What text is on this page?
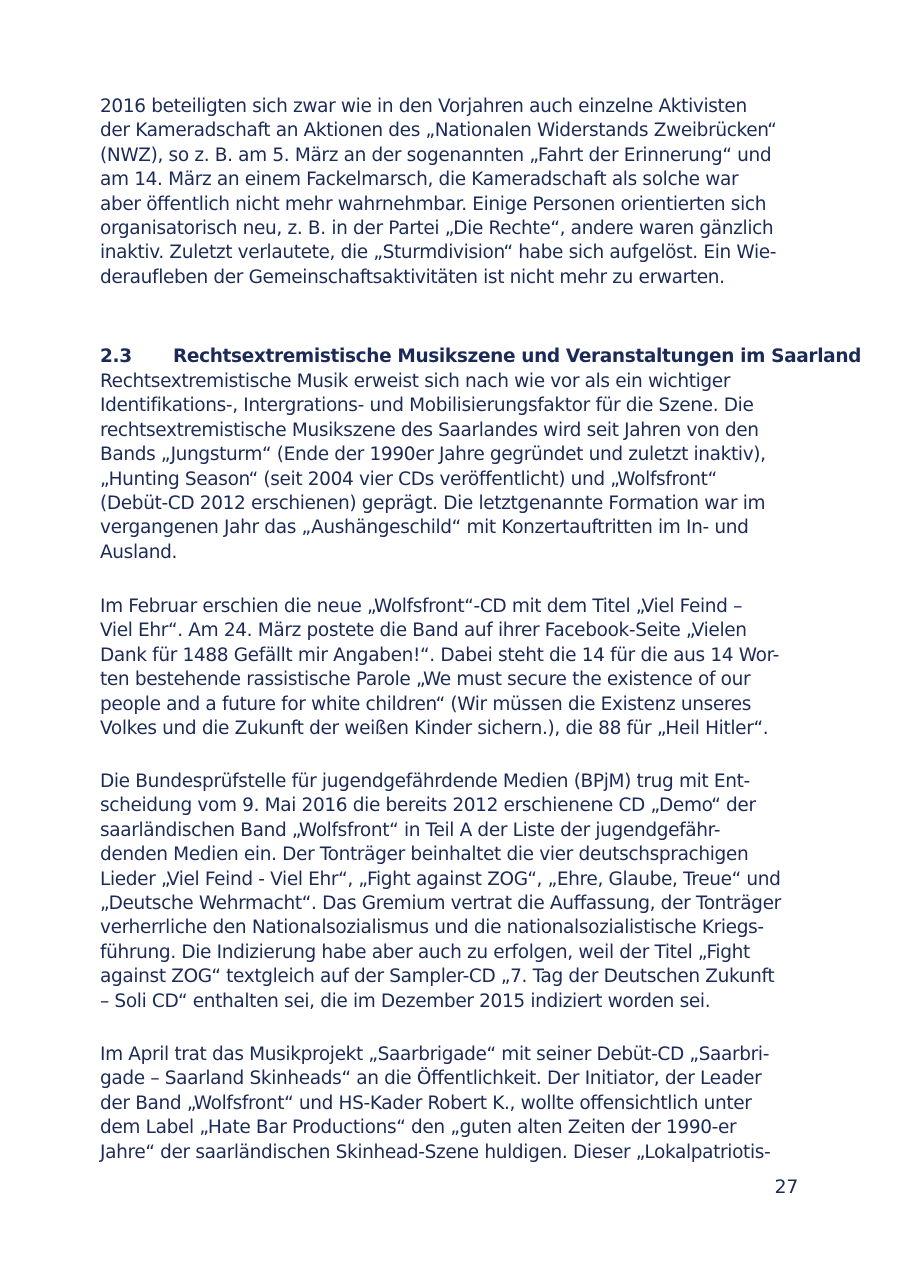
2016 beteiligten sich zwar wie in den Vorjahren auch einzelne Aktivisten
der Kameradschaft an Aktionen des „Nationalen Widerstands Zweibrücken“
(NWZ), so z. B. am 5. März an der sogenannten „Fahrt der Erinnerung“ und
am 14. März an einem Fackelmarsch, die Kameradschaft als solche war
aber öffentlich nicht mehr wahrnehmbar. Einige Personen orientierten sich
organisatorisch neu, z. B. in der Partei „Die Rechte“, andere waren gänzlich
inaktiv. Zuletzt verlautete, die „Sturmdivision“ habe sich aufgelöst. Ein Wie-
deraufleben der Gemeinschaftsaktivitäten ist nicht mehr zu erwarten.
2.3 Rechtsextremistische Musikszene und Veranstaltungen im Saarland
Rechtsextremistische Musik erweist sich nach wie vor als ein wichtiger
Identifikations-, Intergrations- und Mobilisierungsfaktor für die Szene. Die
rechtsextremistische Musikszene des Saarlandes wird seit Jahren von den
Bands „Jungsturm“ (Ende der 1990er Jahre gegründet und zuletzt inaktiv),
„Hunting Season“ (seit 2004 vier CDs veröffentlicht) und „Wolfsfront“
(Debüt-CD 2012 erschienen) geprägt. Die letztgenannte Formation war im
vergangenen Jahr das „Aushängeschild“ mit Konzertauftritten im In- und
Ausland.
Im Februar erschien die neue „Wolfsfront“-CD mit dem Titel „Viel Feind –
Viel Ehr“. Am 24. März postete die Band auf ihrer Facebook-Seite „Vielen
Dank für 1488 Gefällt mir Angaben!“. Dabei steht die 14 für die aus 14 Wor-
ten bestehende rassistische Parole „We must secure the existence of our
people and a future for white children“ (Wir müssen die Existenz unseres
Volkes und die Zukunft der weißen Kinder sichern.), die 88 für „Heil Hitler“.
Die Bundesprüfstelle für jugendgefährdende Medien (BPjM) trug mit Ent-
scheidung vom 9. Mai 2016 die bereits 2012 erschienene CD „Demo“ der
saarländischen Band „Wolfsfront“ in Teil A der Liste der jugendgefähr-
denden Medien ein. Der Tonträger beinhaltet die vier deutschsprachigen
Lieder „Viel Feind - Viel Ehr“, „Fight against ZOG“, „Ehre, Glaube, Treue“ und
„Deutsche Wehrmacht“. Das Gremium vertrat die Auffassung, der Tonträger
verherrliche den Nationalsozialismus und die nationalsozialistische Kriegs-
führung. Die Indizierung habe aber auch zu erfolgen, weil der Titel „Fight
against ZOG“ textgleich auf der Sampler-CD „7. Tag der Deutschen Zukunft
– Soli CD“ enthalten sei, die im Dezember 2015 indiziert worden sei.
Im April trat das Musikprojekt „Saarbrigade“ mit seiner Debüt-CD „Saarbri-
gade – Saarland Skinheads“ an die Öffentlichkeit. Der Initiator, der Leader
der Band „Wolfsfront“ und HS-Kader Robert K., wollte offensichtlich unter
dem Label „Hate Bar Productions“ den „guten alten Zeiten der 1990-er
Jahre“ der saarländischen Skinhead-Szene huldigen. Dieser „Lokalpatriotis-
27
